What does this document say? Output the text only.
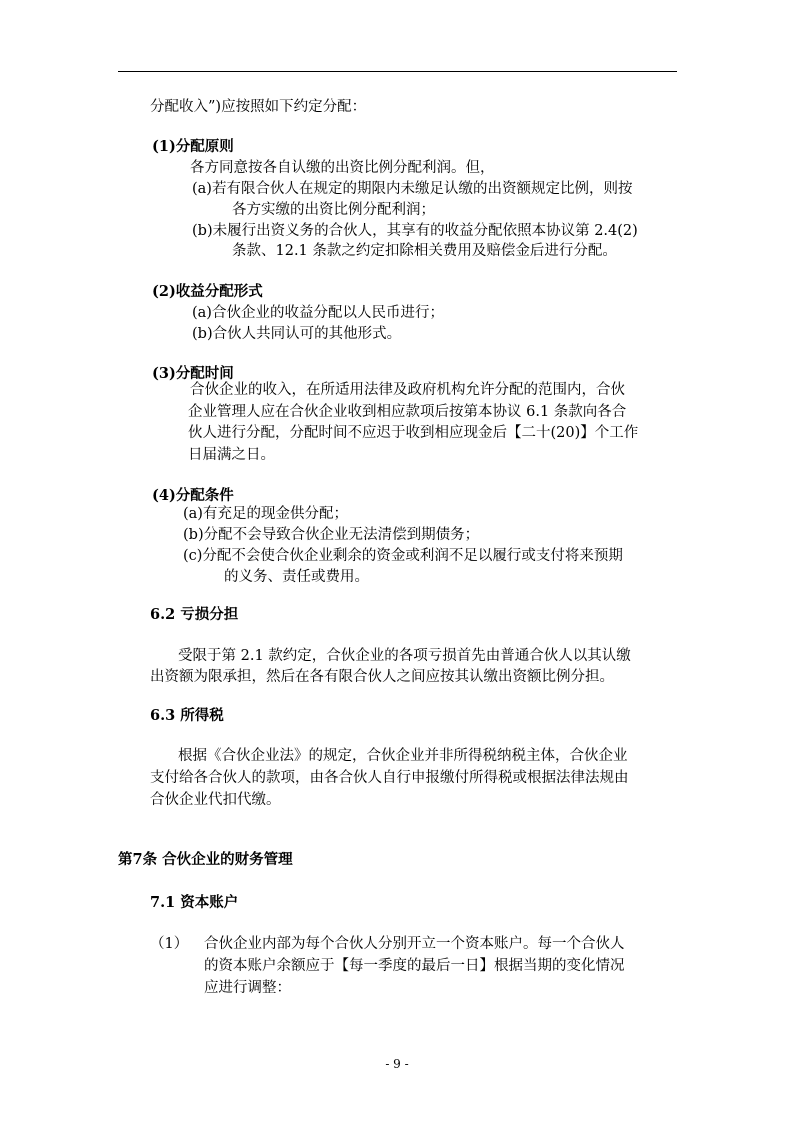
分配收入”)应按照如下约定分配：
(1)分配原则
各方同意按各自认缴的出资比例分配利润。但，
(a)若有限合伙人在规定的期限内未缴足认缴的出资额规定比例，则按
各方实缴的出资比例分配利润；
(b)未履行出资义务的合伙人，其享有的收益分配依照本协议第 2.4(2)
条款、12.1 条款之约定扣除相关费用及赔偿金后进行分配。
(2)收益分配形式
(a)合伙企业的收益分配以人民币进行；
(b)合伙人共同认可的其他形式。
(3)分配时间
合伙企业的收入，在所适用法律及政府机构允许分配的范围内，合伙
企业管理人应在合伙企业收到相应款项后按第本协议 6.1 条款向各合
伙人进行分配，分配时间不应迟于收到相应现金后【二十(20)】个工作
日届满之日。
(4)分配条件
(a)有充足的现金供分配；
(b)分配不会导致合伙企业无法清偿到期债务；
(c)分配不会使合伙企业剩余的资金或利润不足以履行或支付将来预期
的义务、责任或费用。
6.2 亏损分担
受限于第 2.1 款约定，合伙企业的各项亏损首先由普通合伙人以其认缴
出资额为限承担，然后在各有限合伙人之间应按其认缴出资额比例分担。
6.3 所得税
根据《合伙企业法》的规定，合伙企业并非所得税纳税主体，合伙企业
支付给各合伙人的款项，由各合伙人自行申报缴付所得税或根据法律法规由
合伙企业代扣代缴。
第7条 合伙企业的财务管理
7.1 资本账户
（1） 合伙企业内部为每个合伙人分别开立一个资本账户。每一个合伙人
的资本账户余额应于【每一季度的最后一日】根据当期的变化情况
应进行调整：
- 9 -
